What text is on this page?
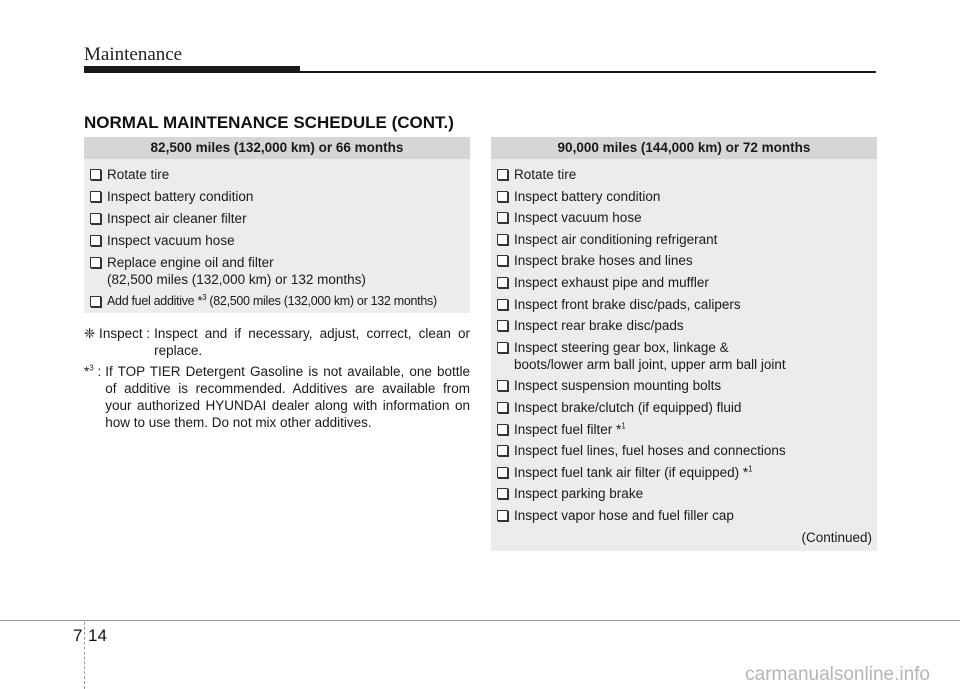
Maintenance
NORMAL MAINTENANCE SCHEDULE (CONT.)
82,500 miles (132,000 km) or 66 months
Rotate tire
Inspect battery condition
Inspect air cleaner filter
Inspect vacuum hose
Replace engine oil and filter
(82,500 miles (132,000 km) or 132 months)
Add fuel additive *$^3$ (82,500 miles (132,000 km) or 132 months)
90,000 miles (144,000 km) or 72 months
Rotate tire
Inspect battery condition
Inspect vacuum hose
Inspect air conditioning refrigerant
Inspect brake hoses and lines
Inspect exhaust pipe and muffler
Inspect front brake disc/pads, calipers
Inspect rear brake disc/pads
Inspect steering gear box, linkage &
boots/lower arm ball joint, upper arm ball joint
Inspect suspension mounting bolts
Inspect brake/clutch (if equipped) fluid
Inspect fuel filter *$^1$
Inspect fuel lines, fuel hoses and connections
Inspect fuel tank air filter (if equipped) *$^1$
Inspect parking brake
Inspect vapor hose and fuel filler cap
(Continued)
❈ Inspect : Inspect and if necessary, adjust, correct, clean or replace.
*$^3$ : If TOP TIER Detergent Gasoline is not available, one bottle of additive is recommended. Additives are available from your authorized HYUNDAI dealer along with information on how to use them. Do not mix other additives.
7 14
carmanualsonline.info
